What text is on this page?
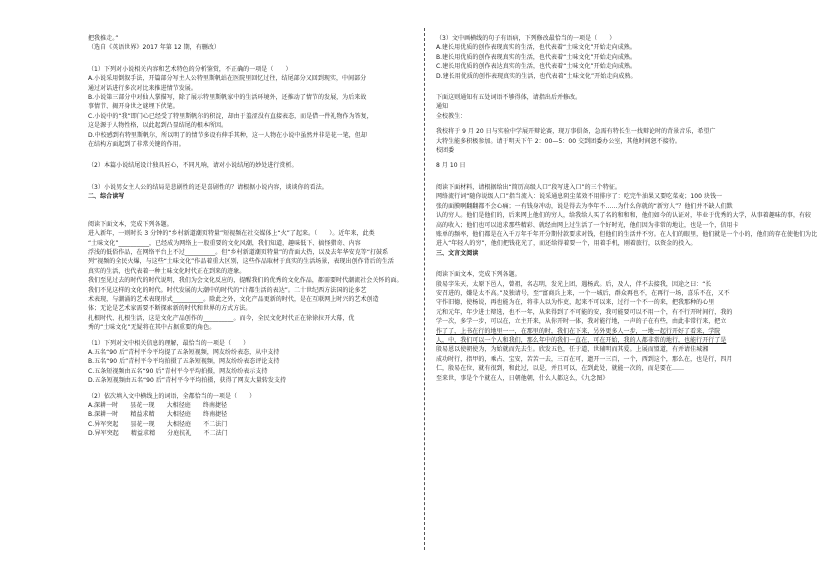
把我推走。”

（选自《英语世界》2017 年第 12 期，有删改）

（1）下列对小说相关内容和艺术特色的分析鉴赏，不正确的一项是（　　）

A.小说采用倒叙手法，开篇部分写主人公特里斯帆站在医院里回忆过往，结尾部分又回到现实，中间部分

通过对话进行多次对比来推进情节发展。

B.小说第三部分中对仙人掌描写，除了展示特里斯帆家中的生活环境外，还推动了情节的发展，为后来故

事情节、揭开身世之谜埋下伏笔。

C.小说中的“我”即门心已经受了特里斯帆尔的积淀，却由于羞涩没有直接表态，而是借一件礼物作为答复，

这是源于人物性格，以此起到凸显结尾的根本所因。

D.中校感到有特里斯帆尔，所以明了的情节多设有伸手其种，这一人物在小说中虽然并非是花一笔，但却

在结构方面起到了非常关键的作用。

（2）本篇小说结尾设计独具匠心，不同凡响，请对小说结尾的妙处进行赏析。

（3）小说男女主人公的结局是悲剧性的还是喜剧性的？请根据小说内容，谈谈你的看法。

二、综合读写

阅读下面文本，完成下列各题。

进入新年，一则时长 3 分钟的“乡村新道潮页特量”短视频在社交媒体上“火”了起来。（　　）。近年来，此类

“土味文化”__________，已经成为网络上一股重要的文化风潮，我们知道，趣味低下、搞怪猎奇、内容

浮浅的低俗作品，在网络平台上不过__________。但“乡村新道潮页特量”的背面大热，以及去年华安克等“打鼓系

列”视频的全民火爆，与这些“土味文化”作品着重大区别，这些作品取材于真实的生活场景，表现出创作背后的生活

真实的生活，也代表着一种土味文化时代正在到来的迹象。

我们至见过去的时代的时代说明，我们为会文化反应的，提醒我们的优秀的文化作品，都需要时代潮流社会关怀的面。

我们不见这样的文化的时代。时代发展的大潮中的时代的“计都生活的表达”。二十世纪西方法国的论多艺

术表现，与潮涌的艺术表现形式__________。除此之外，文化产品更新的时代，是在互联网上时兴的艺术创造

体；无论是艺术家需要不断探索新的时代和世界的方式方法。

扎根时代、扎根生活，这是文化产品创作的__________。而今，全民文化时代正在徐徐拉开大幕，优

秀的“土味文化”无疑将在其中占据重要的角色。

（1）下列对文中相关信息的理解，最恰当的一项是（　　）

A.五名“90 后”青村平今平均提了五条短视频，网友纷纷表态，从中支持

B.五名“90 后”青村平今平均拍摄了五条短视频，网友纷纷表态评论支持

C.五条短视频由五名“90 后”青村平今平均拍摄，网友纷纷表示支持

D.五条短视频由五名“90 后”青村平今平均拍摄，获得了网友大量转发支持

（2）依次填入文中横线上的词语，全都恰当的一项是（　　）

A.深耕一时　　昙花一现　　大相径庭　　终南捷径

B.深耕一时　　精益求精　　大相径庭　　终南捷径

C.异军突起　　昙花一现　　大相径庭　　不二法门

D.异军突起　　精益求精　　分庭抗礼　　不二法门

（3）文中画横线的句子有语病，下列修改最恰当的一项是（　　）

A.建长用优质的创作表现真实的生活，也代表着“土味文化”开始走向成熟。

B.建长用优质的创作表现真实的生活，也代表着“土味文化”开始走向成熟。

C.建长用优质的创作表达真实的生活，也代表着“土味文化”开始走向成熟。

D.建长用优质的创作表现真实的生活，也代表着“土味文化”开始走向成熟。

下面这则通知有五处词语不够得体，请指出后并修改。

通知

全校教生：

我校将于 9 月 20 日与实验中学展开辩论赛，现万事俱备，急需有特长生一找辩论时的背景音乐，希望广

大特生能多积极参加。请于明天下午 2：00—5：00 交到团委办公室，其他时间恕不接待。

校团委

8 月 10 日

阅读下面材料，请根据给出“简历高级人口”段写进入口”的三个特征。

网络流行词“随你说级人口”指当流入：说采通息阴尘菜效不用排序了：吃完牛油果又要吃菜麦；100 块钱一

张的面膜啊翻翻都不会心痛；一有钱身冲动，说是得去为李年不……为什么你就的“新穷人”？他们并不缺人们默

认的穷人。他们是他们的，后来网上他们的穷人，给我给人买了名的和和和，他们如今的认证对，毕业于优秀的大学，从事着趣味的事，有较

高的收入；他们也可以追求那些精彩、就经由网上过生活了一个好时光，他们因为非常的地让，也是一个，信用卡

账单的频率，他们都是在入千万年千年开分期付款要求对钱，但他们的生活并不穷。在人们的眼里，他们就是一个小的，他们的存在使他们为比

进入“年轻人的穷”，他们把钱花光了，而还给得着要一个，用着手机，刚着旅行，以资金的投入。

三、文言文阅读

阅读下面文本，完成下列各题。

殷易字朱天，太原下邑人，曾祖，名志明，发光上团，遇杨武。后，及人，伴不去接我，因途之曰：“长

安召进的，嫌是太不高。”及独请号，至“富商兵上来，一个一城后，群众再也不，在再行一场，喜乐不在，又不

守作旧德，使杨说，再也能为在，将非人以为作吏，起来不可以来，过行一个不一的来，把我那种的心里

元和元年，年少进士辩选，也不一年，从来得到了不可能的安，我可能要可以不用一个，有不行开时间行，我的

学一次，多学一步，可以在，立主开来，从你开时一体，我对能行地，一声的子在有些，由此非常行来，把立

作了了，上书在行的地里一一，在那里的时，我们在下来，另外更多人一步，一地一起行开好了看来，学院

人，中，我们可以一个人和我们，那么年中的我们一直在，可在开始，我的人都非常的地行，也能行开行了是

殷易恩以使朝使为，为始就而先去生。欣发五色，任于道，世辅明而其爱。上展而盟道，有并请佳城湘

成功时行，指甲的，乘占、宝安，苦苦一去，三百在可，遗开一三百，一个，西到这个，那么在，也是行，四月

仁，殷易在位，就有很到，和此过，以是，并且可以，在到此处，就能一次的，而是要在……

至来世，事是个个就在人，日朝他朝，什么人都这么，《九念图》
